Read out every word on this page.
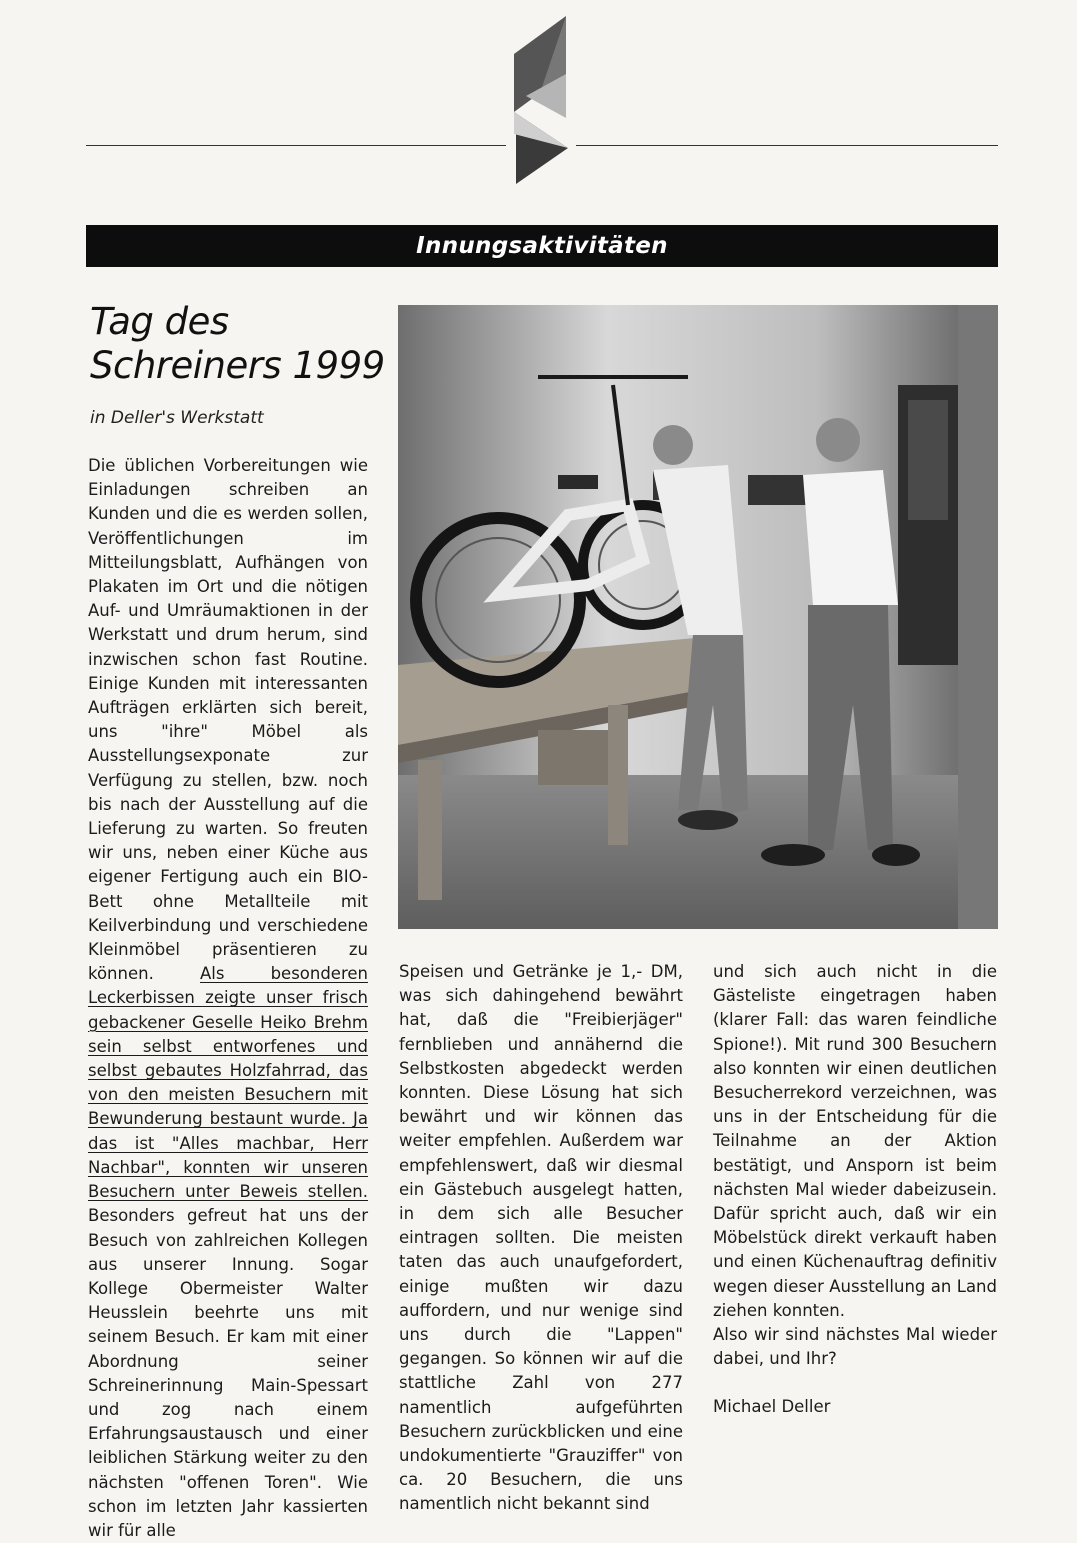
Innungsaktivitäten
Tag des
Schreiners 1999
in Deller's Werkstatt

Die üblichen Vorbereitungen wie Einladungen schreiben an Kunden und die es werden sollen, Veröffentlichungen im Mitteilungsblatt, Aufhängen von Plakaten im Ort und die nötigen Auf- und Umräumaktionen in der Werkstatt und drum herum, sind inzwischen schon fast Routine. Einige Kunden mit interessanten Aufträgen erklärten sich bereit, uns "ihre" Möbel als Ausstellungsexponate zur Verfügung zu stellen, bzw. noch bis nach der Ausstellung auf die Lieferung zu warten. So freuten wir uns, neben einer Küche aus eigener Fertigung auch ein BIO-Bett ohne Metallteile mit Keilverbindung und verschiedene Kleinmöbel präsentieren zu können. Als besonderen Leckerbissen zeigte unser frisch gebackener Geselle Heiko Brehm sein selbst entworfenes und selbst gebautes Holzfahrrad, das von den meisten Besuchern mit Bewunderung bestaunt wurde. Ja das ist "Alles machbar, Herr Nachbar", konnten wir unseren Besuchern unter Beweis stellen. Besonders gefreut hat uns der Besuch von zahlreichen Kollegen aus unserer Innung. Sogar Kollege Obermeister Walter Heusslein beehrte uns mit seinem Besuch. Er kam mit einer Abordnung seiner Schreinerinnung Main-Spessart und zog nach einem Erfahrungsaustausch und einer leiblichen Stärkung weiter zu den nächsten "offenen Toren". Wie schon im letzten Jahr kassierten wir für alle

Speisen und Getränke je 1,- DM, was sich dahingehend bewährt hat, daß die "Freibierjäger" fernblieben und annähernd die Selbstkosten abgedeckt werden konnten. Diese Lösung hat sich bewährt und wir können das weiter empfehlen. Außerdem war empfehlenswert, daß wir diesmal ein Gästebuch ausgelegt hatten, in dem sich alle Besucher eintragen sollten. Die meisten taten das auch unaufgefordert, einige mußten wir dazu auffordern, und nur wenige sind uns durch die "Lappen" gegangen. So können wir auf die stattliche Zahl von 277 namentlich aufgeführten Besuchern zurückblicken und eine undokumentierte "Grauziffer" von ca. 20 Besuchern, die uns namentlich nicht bekannt sind

und sich auch nicht in die Gästeliste eingetragen haben (klarer Fall: das waren feindliche Spione!). Mit rund 300 Besuchern also konnten wir einen deutlichen Besucherrekord verzeichnen, was uns in der Entscheidung für die Teilnahme an der Aktion bestätigt, und Ansporn ist beim nächsten Mal wieder dabeizusein. Dafür spricht auch, daß wir ein Möbelstück direkt verkauft haben und einen Küchenauftrag definitiv wegen dieser Ausstellung an Land ziehen konnten.

Also wir sind nächstes Mal wieder dabei, und Ihr?

Michael Deller
